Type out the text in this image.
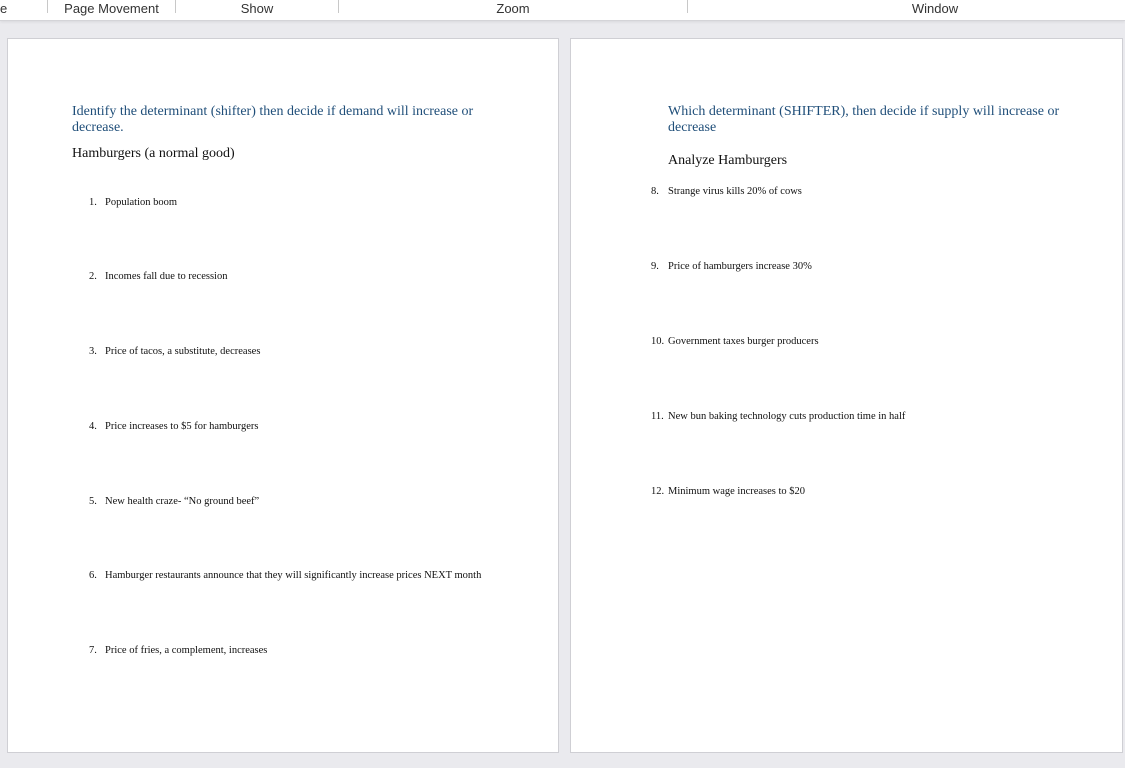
e	Page Movement	Show	Zoom	Window

Identify the determinant (shifter) then decide if demand will increase or decrease.

Hamburgers (a normal good)

1. Population boom

2. Incomes fall due to recession

3. Price of tacos, a substitute, decreases

4. Price increases to $5 for hamburgers

5. New health craze- “No ground beef”

6. Hamburger restaurants announce that they will significantly increase prices NEXT month

7. Price of fries, a complement, increases

Which determinant (SHIFTER), then decide if supply will increase or decrease

Analyze Hamburgers

8. Strange virus kills 20% of cows

9. Price of hamburgers increase 30%

10. Government taxes burger producers

11. New bun baking technology cuts production time in half

12. Minimum wage increases to $20
